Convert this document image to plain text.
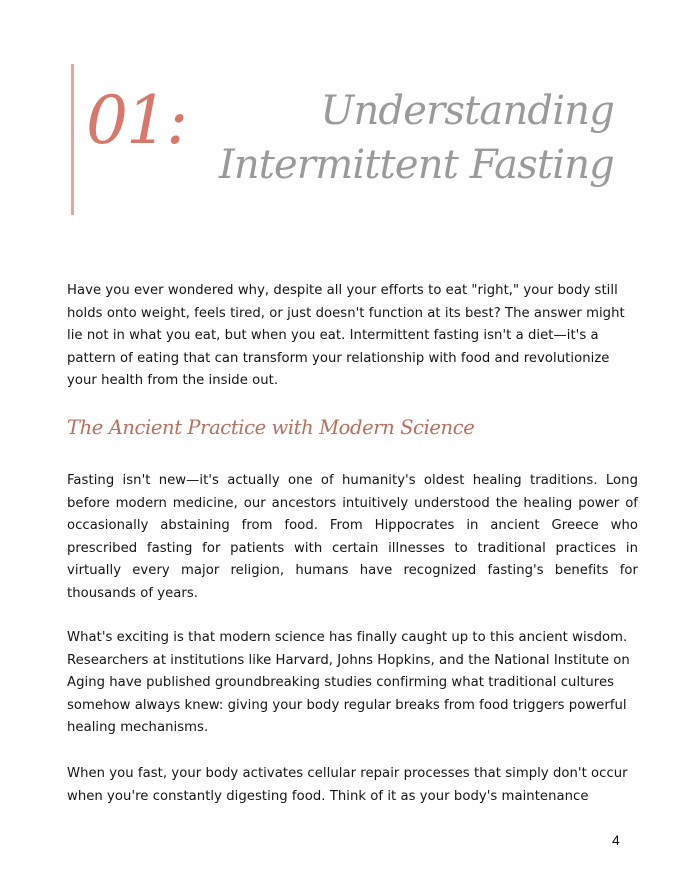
01:	Understanding
Intermittent Fasting

Have you ever wondered why, despite all your efforts to eat "right," your body still holds onto weight, feels tired, or just doesn't function at its best? The answer might lie not in what you eat, but when you eat. Intermittent fasting isn't a diet—it's a pattern of eating that can transform your relationship with food and revolutionize your health from the inside out.

The Ancient Practice with Modern Science

Fasting isn't new—it's actually one of humanity's oldest healing traditions. Long before modern medicine, our ancestors intuitively understood the healing power of occasionally abstaining from food. From Hippocrates in ancient Greece who prescribed fasting for patients with certain illnesses to traditional practices in virtually every major religion, humans have recognized fasting's benefits for thousands of years.

What's exciting is that modern science has finally caught up to this ancient wisdom. Researchers at institutions like Harvard, Johns Hopkins, and the National Institute on Aging have published groundbreaking studies confirming what traditional cultures somehow always knew: giving your body regular breaks from food triggers powerful healing mechanisms.

When you fast, your body activates cellular repair processes that simply don't occur when you're constantly digesting food. Think of it as your body's maintenance

4
